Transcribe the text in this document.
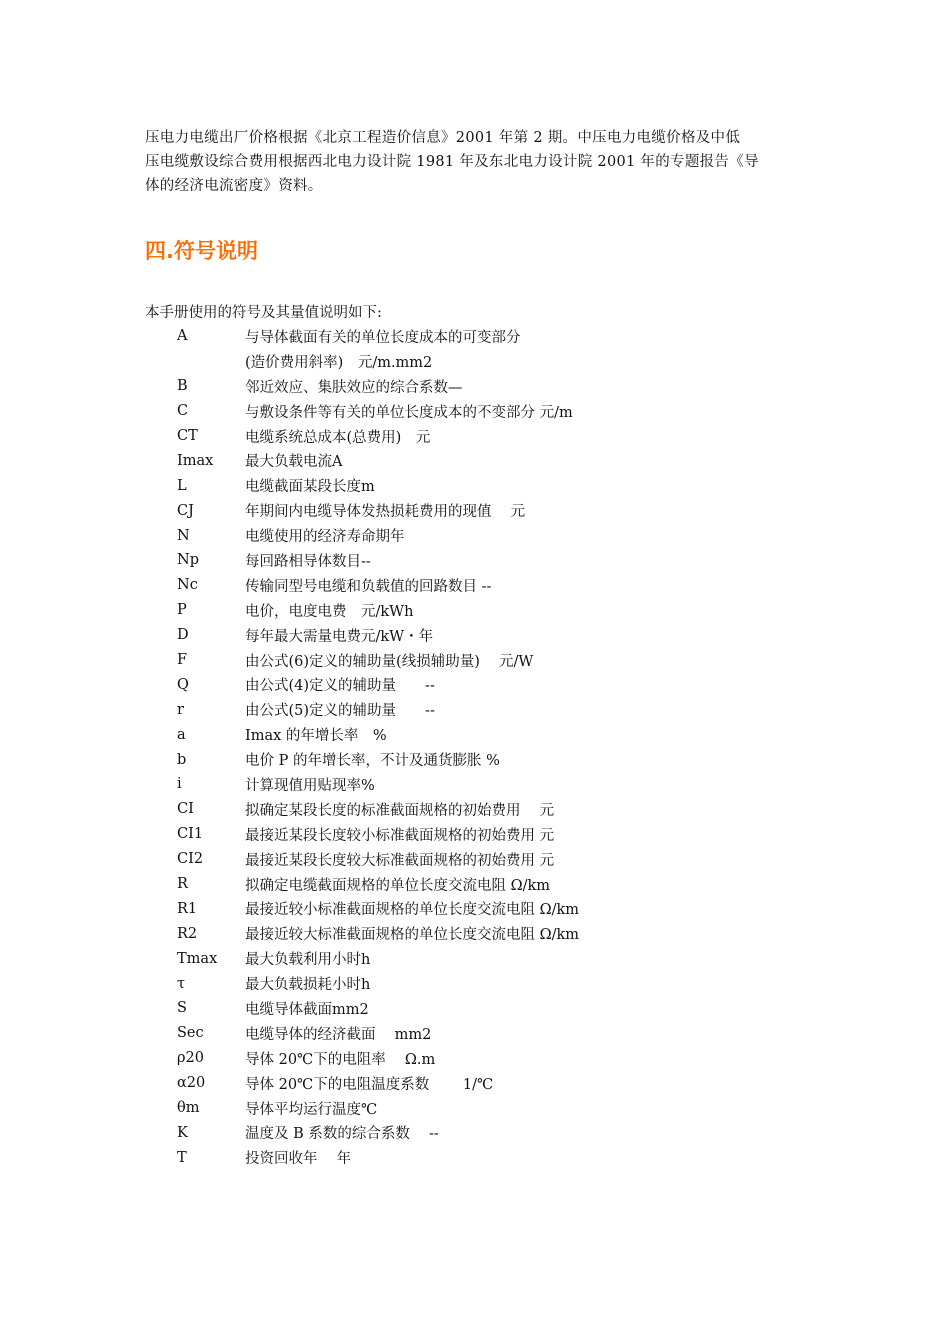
压电力电缆出厂价格根据《北京工程造价信息》2001 年第 2 期。中压电力电缆价格及中低

压电缆敷设综合费用根据西北电力设计院 1981 年及东北电力设计院 2001 年的专题报告《导

体的经济电流密度》资料。

四.符号说明
本手册使用的符号及其量值说明如下:
A	与导体截面有关的单位长度成本的可变部分
(造价费用斜率)　元/m.mm2
B	邻近效应、集肤效应的综合系数—
C	与敷设条件等有关的单位长度成本的不变部分 元/m
CT	电缆系统总成本(总费用)　元
Imax	最大负载电流A
L	电缆截面某段长度m
CJ	年期间内电缆导体发热损耗费用的现值　 元
N	电缆使用的经济寿命期年
Np	每回路相导体数目--
Nc	传输同型号电缆和负载值的回路数目 --
P	电价，电度电费　元/kWh
D	每年最大需量电费元/kW・年
F	由公式(6)定义的辅助量(线损辅助量)　 元/W
Q	由公式(4)定义的辅助量　　--
r	由公式(5)定义的辅助量　　--
a	Imax 的年增长率　%
b	电价 P 的年增长率，不计及通货膨胀 %
i	计算现值用贴现率%
CI	拟确定某段长度的标准截面规格的初始费用　 元
CI1	最接近某段长度较小标准截面规格的初始费用 元
CI2	最接近某段长度较大标准截面规格的初始费用 元
R	拟确定电缆截面规格的单位长度交流电阻 Ω/km
R1	最接近较小标准截面规格的单位长度交流电阻 Ω/km
R2	最接近较大标准截面规格的单位长度交流电阻 Ω/km
Tmax	最大负载利用小时h
τ	最大负载损耗小时h
S	电缆导体截面mm2
Sec	电缆导体的经济截面　 mm2
ρ20	导体 20℃下的电阻率　 Ω.m
α20	导体 20℃下的电阻温度系数　　 1/℃
θm	导体平均运行温度℃
K	温度及 B 系数的综合系数　 --
T	投资回收年　 年
